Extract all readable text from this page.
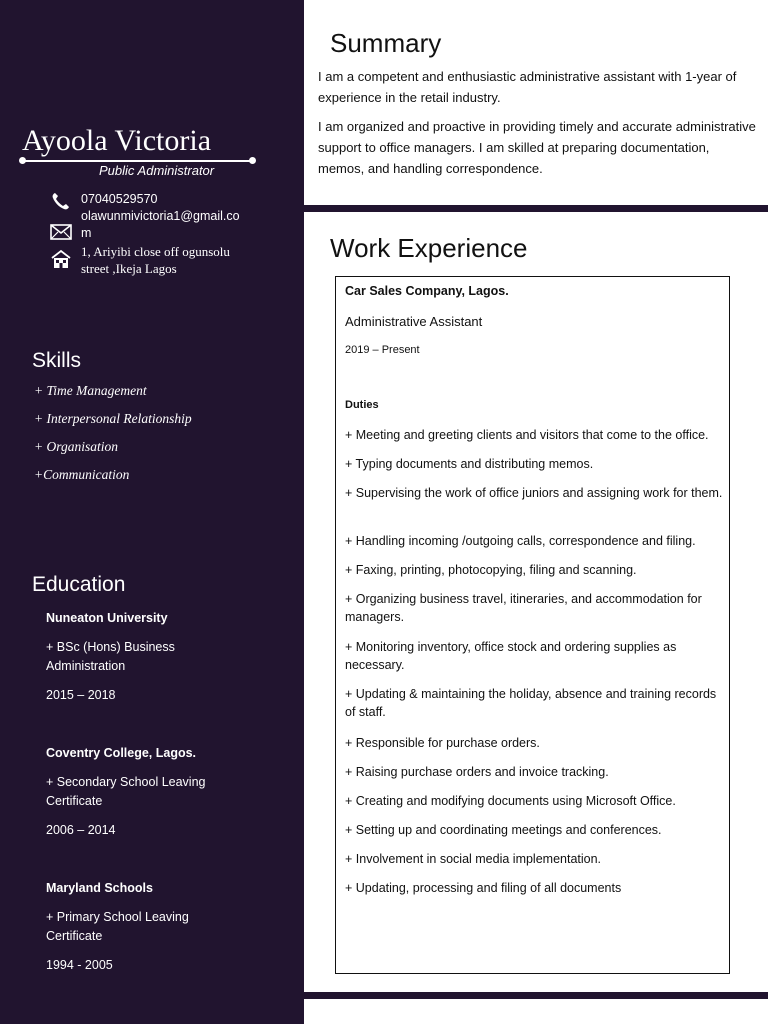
Ayoola Victoria
Public Administrator
07040529570
olawunmivictoria1@gmail.co
m
1, Ariyibi close off ogunsolu
street ,Ikeja Lagos
Skills
+ Time Management
+ Interpersonal Relationship
+ Organisation
+Communication
Education
Nuneaton University
+ BSc (Hons) Business
Administration
2015 – 2018
Coventry College, Lagos.
+ Secondary School Leaving
Certificate
2006 – 2014
Maryland Schools
+ Primary School Leaving
Certificate
1994 - 2005
Summary
I am a competent and enthusiastic administrative assistant with 1-year of experience in the retail industry.
I am organized and proactive in providing timely and accurate administrative support to office managers. I am skilled at preparing documentation, memos, and handling correspondence.
Work Experience
Car Sales Company, Lagos.
Administrative Assistant
2019 – Present
Duties
+ Meeting and greeting clients and visitors that come to the office.
+ Typing documents and distributing memos.
+ Supervising the work of office juniors and assigning work for them.
+ Handling incoming /outgoing calls, correspondence and filing.
+ Faxing, printing, photocopying, filing and scanning.
+ Organizing business travel, itineraries, and accommodation for managers.
+ Monitoring inventory, office stock and ordering supplies as necessary.
+ Updating & maintaining the holiday, absence and training records of staff.
+ Responsible for purchase orders.
+ Raising purchase orders and invoice tracking.
+ Creating and modifying documents using Microsoft Office.
+ Setting up and coordinating meetings and conferences.
+ Involvement in social media implementation.
+ Updating, processing and filing of all documents
